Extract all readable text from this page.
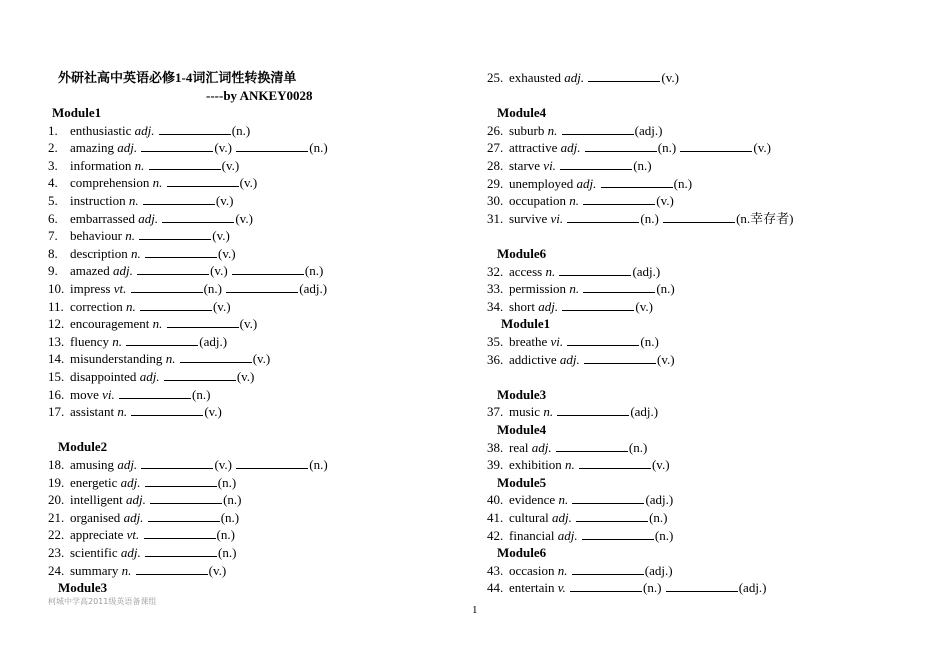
外研社高中英语必修1-4词汇词性转换清单
----by ANKEY0028
Module1
1. enthusiastic adj.	(n.)
2. amazing adj.	(v.)	(n.)
3. information n.	(v.)
4. comprehension n.	(v.)
5. instruction n.	(v.)
6. embarrassed adj.	(v.)
7. behaviour n.	(v.)
8. description n.	(v.)
9. amazed adj.	(v.)	(n.)
10. impress vt.	(n.)	(adj.)
11. correction n.	(v.)
12. encouragement n.	(v.)
13. fluency n.	(adj.)
14. misunderstanding n.	(v.)
15. disappointed adj.	(v.)
16. move vi.	(n.)
17. assistant n.	(v.)
Module2
18. amusing adj.	(v.)	(n.)
19. energetic adj.	(n.)
20. intelligent adj.	(n.)
21. organised adj.	(n.)
22. appreciate vt.	(n.)
23. scientific adj.	(n.)
24. summary n.	(v.)
Module3
25. exhausted adj.	(v.)
Module4
26. suburb n.	(adj.)
27. attractive adj.	(n.)	(v.)
28. starve vi.	(n.)
29. unemployed adj.	(n.)
30. occupation n.	(v.)
31. survive vi.	(n.)	(n.幸存者)
Module6
32. access n.	(adj.)
33. permission n.	(n.)
34. short adj.	(v.)
Module1
35. breathe vi.	(n.)
36. addictive adj.	(v.)
Module3
37. music n.	(adj.)
Module4
38. real adj.	(n.)
39. exhibition n.	(v.)
Module5
40. evidence n.	(adj.)
41. cultural adj.	(n.)
42. financial adj.	(n.)
Module6
43. occasion n.	(adj.)
44. entertain v.	(n.)	(adj.)
柯城中学高2011级英语备课组
1
